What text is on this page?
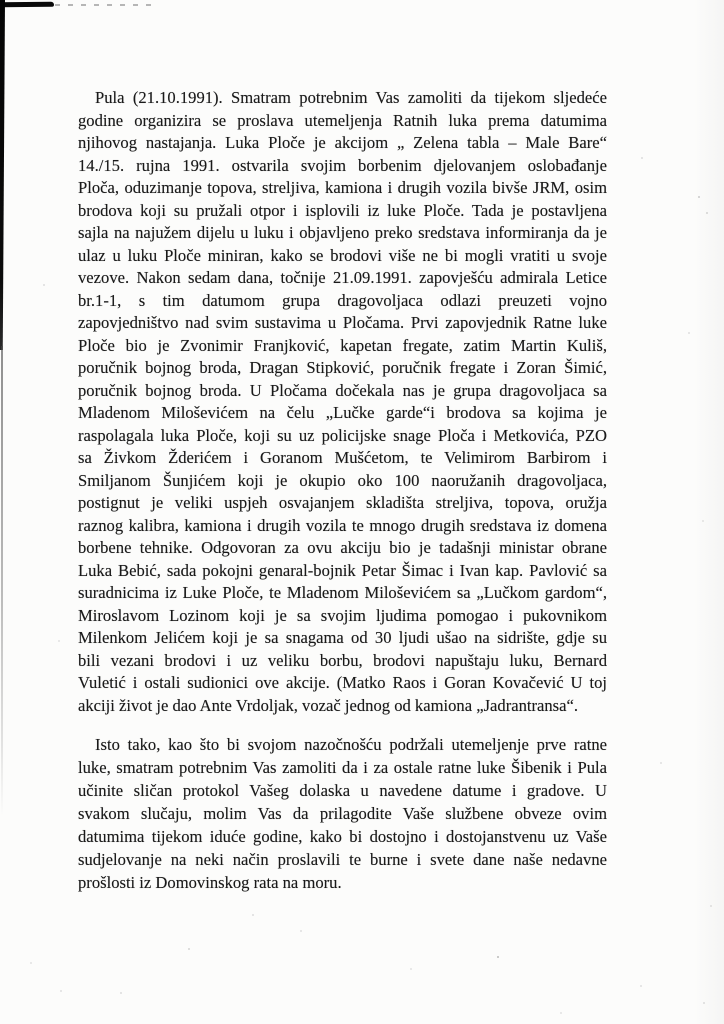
Pula (21.10.1991). Smatram potrebnim Vas zamoliti da tijekom sljedeće
godine organizira se proslava utemeljenja Ratnih luka prema datumima
njihovog nastajanja. Luka Ploče je akcijom „ Zelena tabla – Male Bare“
14./15. rujna 1991. ostvarila svojim borbenim djelovanjem oslobađanje
Ploča, oduzimanje topova, streljiva, kamiona i drugih vozila bivše JRM, osim
brodova koji su pružali otpor i isplovili iz luke Ploče. Tada je postavljena
sajla na najužem dijelu u luku i objavljeno preko sredstava informiranja da je
ulaz u luku Ploče miniran, kako se brodovi više ne bi mogli vratiti u svoje
vezove. Nakon sedam dana, točnije 21.09.1991. zapovješću admirala Letice
br.1-1, s tim datumom grupa dragovoljaca odlazi preuzeti vojno
zapovjedništvo nad svim sustavima u Pločama. Prvi zapovjednik Ratne luke
Ploče bio je Zvonimir Franjković, kapetan fregate, zatim Martin Kuliš,
poručnik bojnog broda, Dragan Stipković, poručnik fregate i Zoran Šimić,
poručnik bojnog broda. U Pločama dočekala nas je grupa dragovoljaca sa
Mladenom Miloševićem na čelu „Lučke garde“i brodova sa kojima je
raspolagala luka Ploče, koji su uz policijske snage Ploča i Metkovića, PZO
sa Živkom Žderićem i Goranom Mušćetom, te Velimirom Barbirom i
Smiljanom Šunjićem koji je okupio oko 100 naoružanih dragovoljaca,
postignut je veliki uspjeh osvajanjem skladišta streljiva, topova, oružja
raznog kalibra, kamiona i drugih vozila te mnogo drugih sredstava iz domena
borbene tehnike. Odgovoran za ovu akciju bio je tadašnji ministar obrane
Luka Bebić, sada pokojni genaral-bojnik Petar Šimac i Ivan kap. Pavlović sa
suradnicima iz Luke Ploče, te Mladenom Miloševićem sa „Lučkom gardom“,
Miroslavom Lozinom koji je sa svojim ljudima pomogao i pukovnikom
Milenkom Jelićem koji je sa snagama od 30 ljudi ušao na sidrište, gdje su
bili vezani brodovi i uz veliku borbu, brodovi napuštaju luku, Bernard
Vuletić i ostali sudionici ove akcije. (Matko Raos i Goran Kovačević U toj
akciji život je dao Ante Vrdoljak, vozač jednog od kamiona „Jadrantransa“.
Isto tako, kao što bi svojom nazočnošću podržali utemeljenje prve ratne
luke, smatram potrebnim Vas zamoliti da i za ostale ratne luke Šibenik i Pula
učinite sličan protokol Vašeg dolaska u navedene datume i gradove. U
svakom slučaju, molim Vas da prilagodite Vaše službene obveze ovim
datumima tijekom iduće godine, kako bi dostojno i dostojanstvenu uz Vaše
sudjelovanje na neki način proslavili te burne i svete dane naše nedavne
prošlosti iz Domovinskog rata na moru.
